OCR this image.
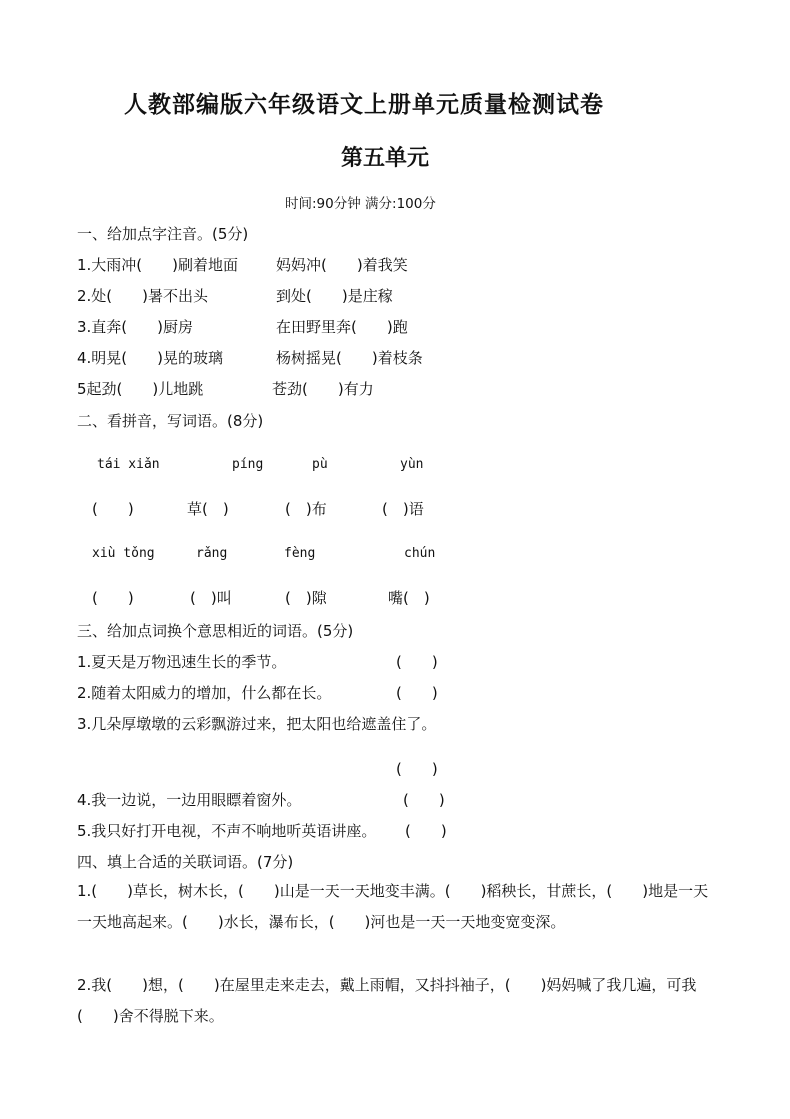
人教部编版六年级语文上册单元质量检测试卷
第五单元
时间:90分钟 满分:100分
一、给加点字注音。(5分)
1.大雨冲(　　)刷着地面	妈妈冲(　　)着我笑
2.处(　　)暑不出头	到处(　　)是庄稼
3.直奔(　　)厨房	在田野里奔(　　)跑
4.明晃(　　)晃的玻璃	杨树摇晃(　　)着枝条
5起劲(　　)儿地跳	苍劲(　　)有力
二、看拼音，写词语。(8分)
tái xiǎn	píng	pù	yùn
(　　)	草(　)	(　)布	(　)语
xiù tǒng	rǎng	fèng	chún
(　　)	(　)叫	(　)隙	嘴(　)
三、给加点词换个意思相近的词语。(5分)
1.夏天是万物迅速生长的季节。	(　　)
2.随着太阳威力的增加，什么都在长。	(　　)
3.几朵厚墩墩的云彩飘游过来，把太阳也给遮盖住了。
(　　)
4.我一边说，一边用眼瞟着窗外。	(　　)
5.我只好打开电视，不声不响地听英语讲座。 (　　)
四、填上合适的关联词语。(7分)
1.(　　)草长，树木长，(　　)山是一天一天地变丰满。(　　)稻秧长，甘蔗长，(　　)地是一天一天地高起来。(　　)水长，瀑布长，(　　)河也是一天一天地变宽变深。
2.我(　　)想，(　　)在屋里走来走去，戴上雨帽，又抖抖袖子，(　　)妈妈喊了我几遍，可我(　　)舍不得脱下来。
